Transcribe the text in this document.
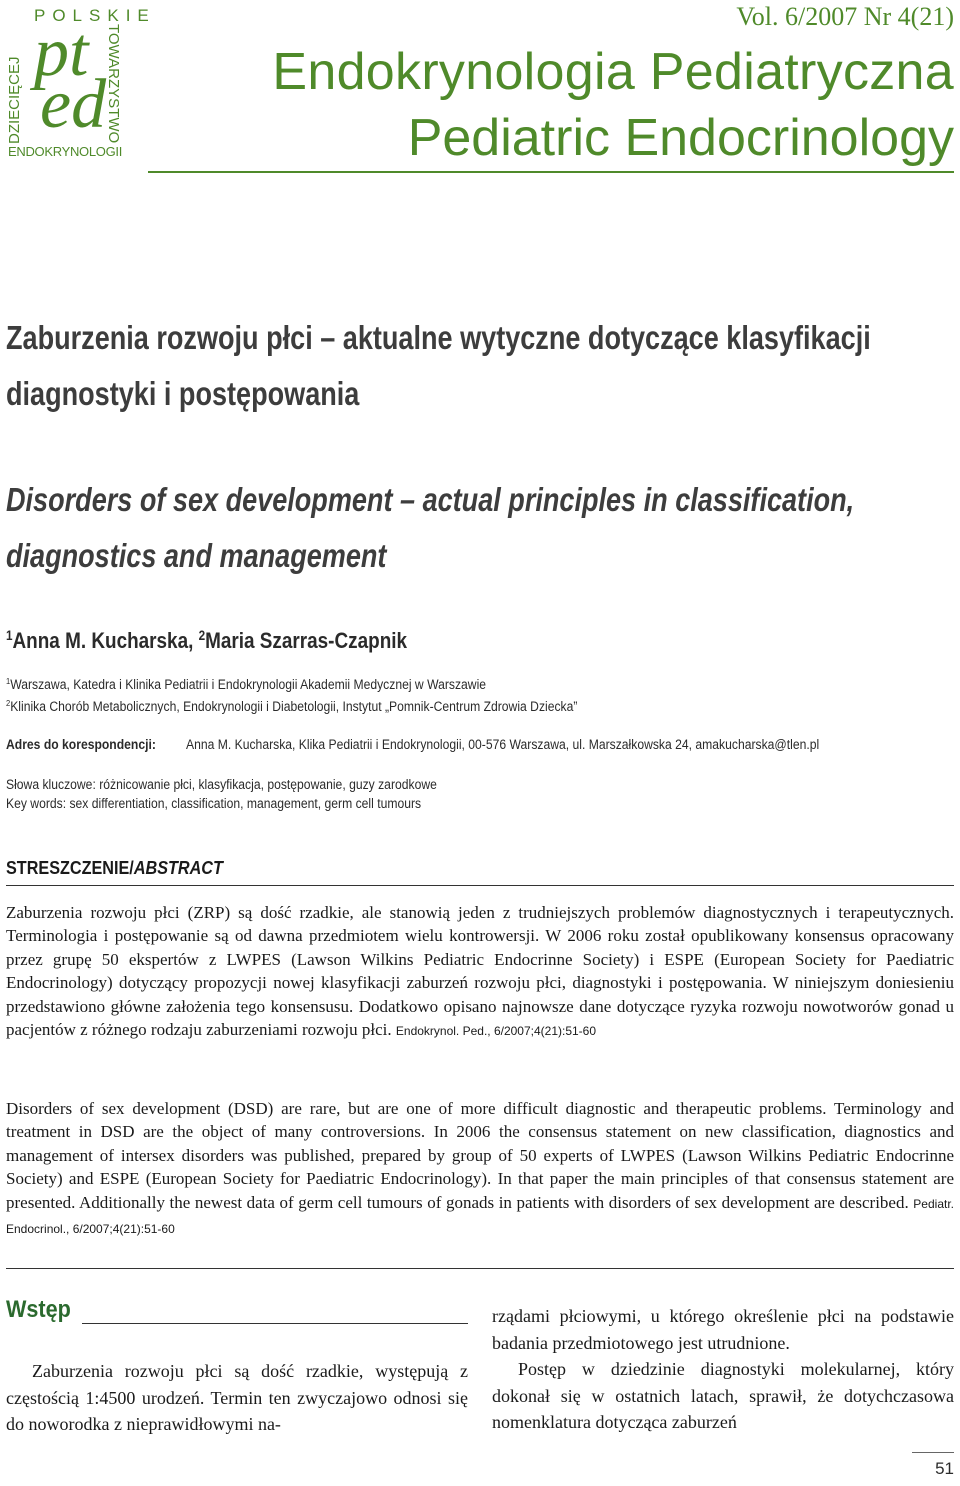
POLSKIE
DZIECIĘCEJ	TOWARZYSTWO
pt
ed
ENDOKRYNOLOGII
Vol. 6/2007 Nr 4(21)
Endokrynologia Pediatryczna
Pediatric Endocrinology
Zaburzenia rozwoju płci – aktualne wytyczne dotyczące klasyfikacji diagnostyki i postępowania
Disorders of sex development – actual principles in classification, diagnostics and management
$^1$Anna M. Kucharska, $^2$Maria Szarras-Czapnik
$^1$Warszawa, Katedra i Klinika Pediatrii i Endokrynologii Akademii Medycznej w Warszawie
$^2$Klinika Chorób Metabolicznych, Endokrynologii i Diabetologii, Instytut „Pomnik-Centrum Zdrowia Dziecka”
Adres do korespondencji: Anna M. Kucharska, Klika Pediatrii i Endokrynologii, 00-576 Warszawa, ul. Marszałkowska 24, amakucharska@tlen.pl
Słowa kluczowe: różnicowanie płci, klasyfikacja, postępowanie, guzy zarodkowe
Key words: sex differentiation, classification, management, germ cell tumours
STRESZCZENIE/ABSTRACT
Zaburzenia rozwoju płci (ZRP) są dość rzadkie, ale stanowią jeden z trudniejszych problemów diagnostycznych i terapeutycznych. Terminologia i postępowanie są od dawna przedmiotem wielu kontrowersji. W 2006 roku został opublikowany konsensus opracowany przez grupę 50 ekspertów z LWPES (Lawson Wilkins Pediatric Endocrinne Society) i ESPE (European Society for Paediatric Endocrinology) dotyczący propozycji nowej klasyfikacji zaburzeń rozwoju płci, diagnostyki i postępowania. W niniejszym doniesieniu przedstawiono główne założenia tego konsensusu. Dodatkowo opisano najnowsze dane dotyczące ryzyka rozwoju nowotworów gonad u pacjentów z różnego rodzaju zaburzeniami rozwoju płci. Endokrynol. Ped., 6/2007;4(21):51-60
Disorders of sex development (DSD) are rare, but are one of more difficult diagnostic and therapeutic problems. Terminology and treatment in DSD are the object of many controversions. In 2006 the consensus statement on new classification, diagnostics and management of intersex disorders was published, prepared by group of 50 experts of LWPES (Lawson Wilkins Pediatric Endocrinne Society) and ESPE (European Society for Paediatric Endocrinology). In that paper the main principles of that consensus statement are presented. Additionally the newest data of germ cell tumours of gonads in patients with disorders of sex development are described. Pediatr. Endocrinol., 6/2007;4(21):51-60
Wstęp
Zaburzenia rozwoju płci są dość rzadkie, występują z częstością 1:4500 urodzeń. Termin ten zwyczajowo odnosi się do noworodka z nieprawidłowymi na-
rządami płciowymi, u którego określenie płci na podstawie badania przedmiotowego jest utrudnione.
Postęp w dziedzinie diagnostyki molekularnej, który dokonał się w ostatnich latach, sprawił, że dotychczasowa nomenklatura dotycząca zaburzeń
51
